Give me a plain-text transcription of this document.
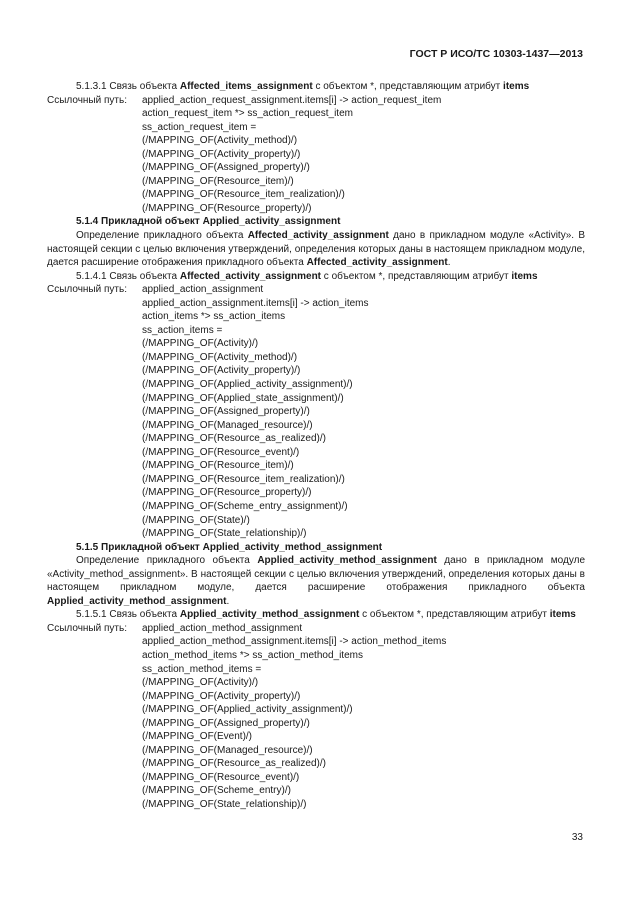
ГОСТ Р ИСО/ТС 10303-1437—2013

5.1.3.1 Связь объекта Affected_items_assignment с объектом *, представляющим атрибут items

Ссылочный путь:	applied_action_request_assignment.items[i] -> action_request_item
action_request_item *> ss_action_request_item
ss_action_request_item =
(/MAPPING_OF(Activity_method)/)
(/MAPPING_OF(Activity_property)/)
(/MAPPING_OF(Assigned_property)/)
(/MAPPING_OF(Resource_item)/)
(/MAPPING_OF(Resource_item_realization)/)
(/MAPPING_OF(Resource_property)/)

5.1.4 Прикладной объект Applied_activity_assignment

Определение прикладного объекта Affected_activity_assignment дано в прикладном модуле «Activity». В настоящей секции с целью включения утверждений, определения которых даны в настоящем прикладном модуле, дается расширение отображения прикладного объекта Affected_activity_assignment.

5.1.4.1 Связь объекта Affected_activity_assignment с объектом *, представляющим атрибут items

Ссылочный путь:	applied_action_assignment
applied_action_assignment.items[i] -> action_items
action_items *> ss_action_items
ss_action_items =
(/MAPPING_OF(Activity)/)
(/MAPPING_OF(Activity_method)/)
(/MAPPING_OF(Activity_property)/)
(/MAPPING_OF(Applied_activity_assignment)/)
(/MAPPING_OF(Applied_state_assignment)/)
(/MAPPING_OF(Assigned_property)/)
(/MAPPING_OF(Managed_resource)/)
(/MAPPING_OF(Resource_as_realized)/)
(/MAPPING_OF(Resource_event)/)
(/MAPPING_OF(Resource_item)/)
(/MAPPING_OF(Resource_item_realization)/)
(/MAPPING_OF(Resource_property)/)
(/MAPPING_OF(Scheme_entry_assignment)/)
(/MAPPING_OF(State)/)
(/MAPPING_OF(State_relationship)/)

5.1.5 Прикладной объект Applied_activity_method_assignment

Определение прикладного объекта Applied_activity_method_assignment дано в прикладном модуле «Activity_method_assignment». В настоящей секции с целью включения утверждений, определения которых даны в настоящем прикладном модуле, дается расширение отображения прикладного объекта Applied_activity_method_assignment.

5.1.5.1 Связь объекта Applied_activity_method_assignment с объектом *, представляющим атрибут items

Ссылочный путь:	applied_action_method_assignment
applied_action_method_assignment.items[i] -> action_method_items
action_method_items *> ss_action_method_items
ss_action_method_items =
(/MAPPING_OF(Activity)/)
(/MAPPING_OF(Activity_property)/)
(/MAPPING_OF(Applied_activity_assignment)/)
(/MAPPING_OF(Assigned_property)/)
(/MAPPING_OF(Event)/)
(/MAPPING_OF(Managed_resource)/)
(/MAPPING_OF(Resource_as_realized)/)
(/MAPPING_OF(Resource_event)/)
(/MAPPING_OF(Scheme_entry)/)
(/MAPPING_OF(State_relationship)/)
33
